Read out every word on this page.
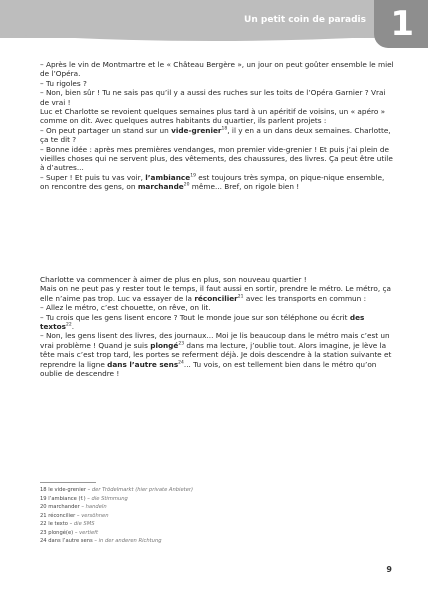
Un petit coin de paradis 1

– Après le vin de Montmartre et le « Château Bergère », un jour on peut goûter ensemble le miel de l’Opéra.

– Tu rigoles ?

– Non, bien sûr ! Tu ne sais pas qu’il y a aussi des ruches sur les toits de l’Opéra Garnier ? Vrai de vrai !

Luc et Charlotte se revoient quelques semaines plus tard à un apéritif de voisins, un « apéro » comme on dit. Avec quelques autres habitants du quartier, ils parlent projets :

– On peut partager un stand sur un vide-grenier$^{18}$, il y en a un dans deux semaines. Charlotte, ça te dit ?

– Bonne idée : après mes premières vendanges, mon premier vide-grenier ! Et puis j’ai plein de vieilles choses qui ne servent plus, des vêtements, des chaussures, des livres. Ça peut être utile à d’autres...

– Super ! Et puis tu vas voir, l’ambiance$^{19}$ est toujours très sympa, on pique-nique ensemble, on rencontre des gens, on marchande$^{20}$ même... Bref, on rigole bien !

Charlotte va commencer à aimer de plus en plus, son nouveau quartier !

Mais on ne peut pas y rester tout le temps, il faut aussi en sortir, prendre le métro. Le métro, ça elle n’aime pas trop. Luc va essayer de la réconcilier$^{21}$ avec les transports en commun :

– Allez le métro, c’est chouette, on rêve, on lit.

– Tu crois que les gens lisent encore ? Tout le monde joue sur son téléphone ou écrit des textos$^{22}$.

– Non, les gens lisent des livres, des journaux... Moi je lis beaucoup dans le métro mais c’est un vrai problème ! Quand je suis plongé$^{23}$ dans ma lecture, j’oublie tout. Alors imagine, je lève la tête mais c’est trop tard, les portes se referment déjà. Je dois descendre à la station suivante et reprendre la ligne dans l’autre sens$^{24}$... Tu vois, on est tellement bien dans le métro qu’on oublie de descendre !

18 le vide-grenier – der Trödelmarkt (hier private Anbieter)
19 l’ambiance (f.) – die Stimmung
20 marchander – handeln
21 réconcilier – versöhnen
22 le texto – die SMS
23 plongé(e) – vertieft
24 dans l’autre sens – in der anderen Richtung
9
